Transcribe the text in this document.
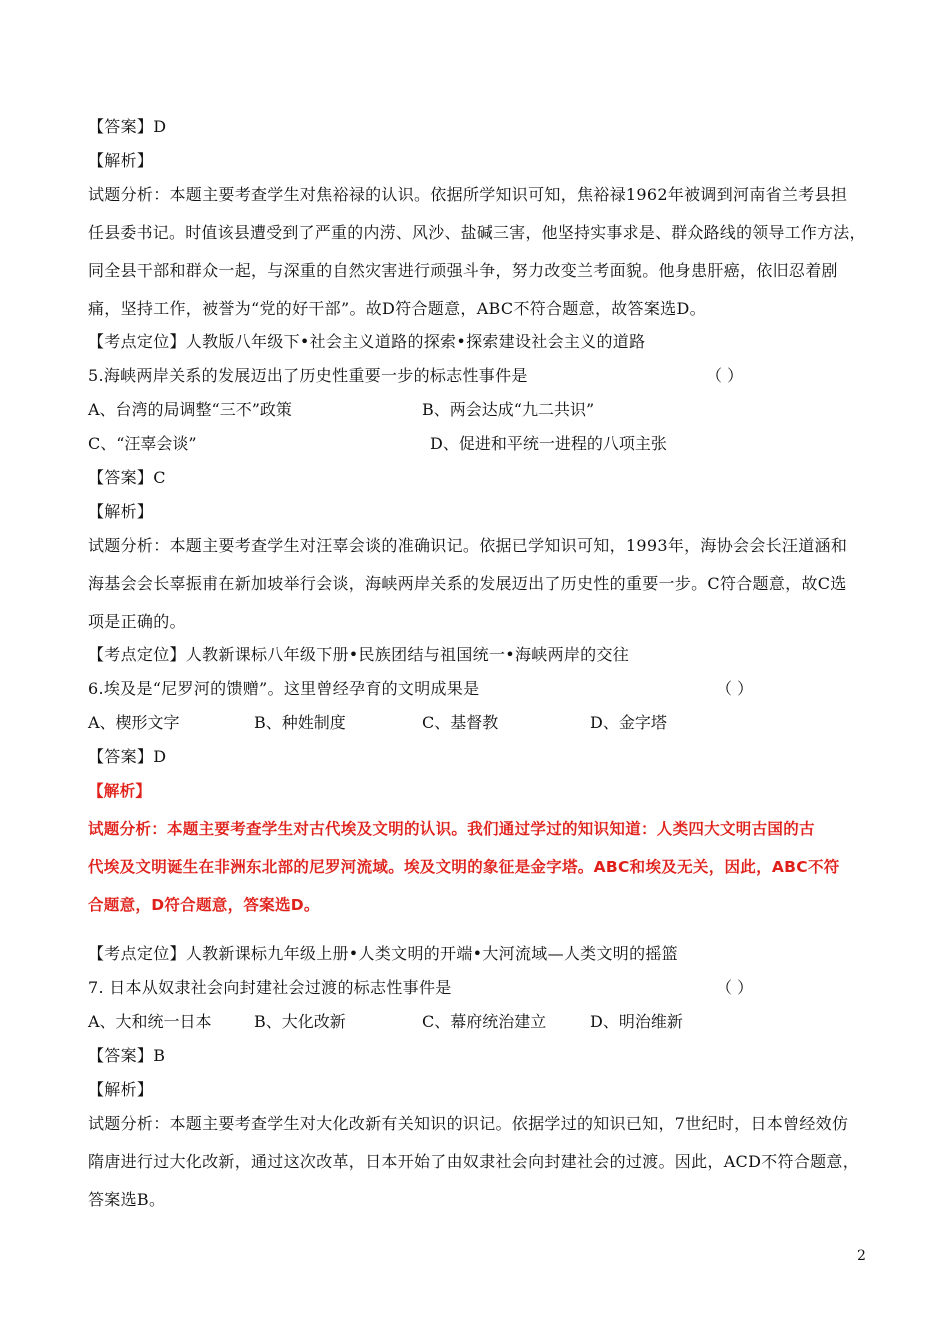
【答案】D
【解析】
试题分析：本题主要考查学生对焦裕禄的认识。依据所学知识可知，焦裕禄1962年被调到河南省兰考县担
任县委书记。时值该县遭受到了严重的内涝、风沙、盐碱三害，他坚持实事求是、群众路线的领导工作方法，
同全县干部和群众一起，与深重的自然灾害进行顽强斗争，努力改变兰考面貌。他身患肝癌，依旧忍着剧
痛，坚持工作，被誉为“党的好干部”。故D符合题意，ABC不符合题意，故答案选D。
【考点定位】人教版八年级下•社会主义道路的探索•探索建设社会主义的道路
5.海峡两岸关系的发展迈出了历史性重要一步的标志性事件是	（ ）
A、台湾的局调整“三不”政策	B、两会达成“九二共识”
C、“汪辜会谈”	D、促进和平统一进程的八项主张
【答案】C
【解析】
试题分析：本题主要考查学生对汪辜会谈的准确识记。依据已学知识可知，1993年，海协会会长汪道涵和
海基会会长辜振甫在新加坡举行会谈，海峡两岸关系的发展迈出了历史性的重要一步。C符合题意，故C选
项是正确的。
【考点定位】人教新课标八年级下册•民族团结与祖国统一•海峡两岸的交往
6.埃及是“尼罗河的馈赠”。这里曾经孕育的文明成果是	（ ）
A、楔形文字	B、种姓制度	C、基督教	D、金字塔
【答案】D
【解析】
试题分析：本题主要考查学生对古代埃及文明的认识。我们通过学过的知识知道：人类四大文明古国的古
代埃及文明诞生在非洲东北部的尼罗河流域。埃及文明的象征是金字塔。ABC和埃及无关，因此，ABC不符
合题意，D符合题意，答案选D。
【考点定位】人教新课标九年级上册•人类文明的开端•大河流域—人类文明的摇篮
7. 日本从奴隶社会向封建社会过渡的标志性事件是	（ ）
A、大和统一日本	B、大化改新	C、幕府统治建立	D、明治维新
【答案】B
【解析】
试题分析：本题主要考查学生对大化改新有关知识的识记。依据学过的知识已知，7世纪时，日本曾经效仿
隋唐进行过大化改新，通过这次改革，日本开始了由奴隶社会向封建社会的过渡。因此，ACD不符合题意，
答案选B。
2
